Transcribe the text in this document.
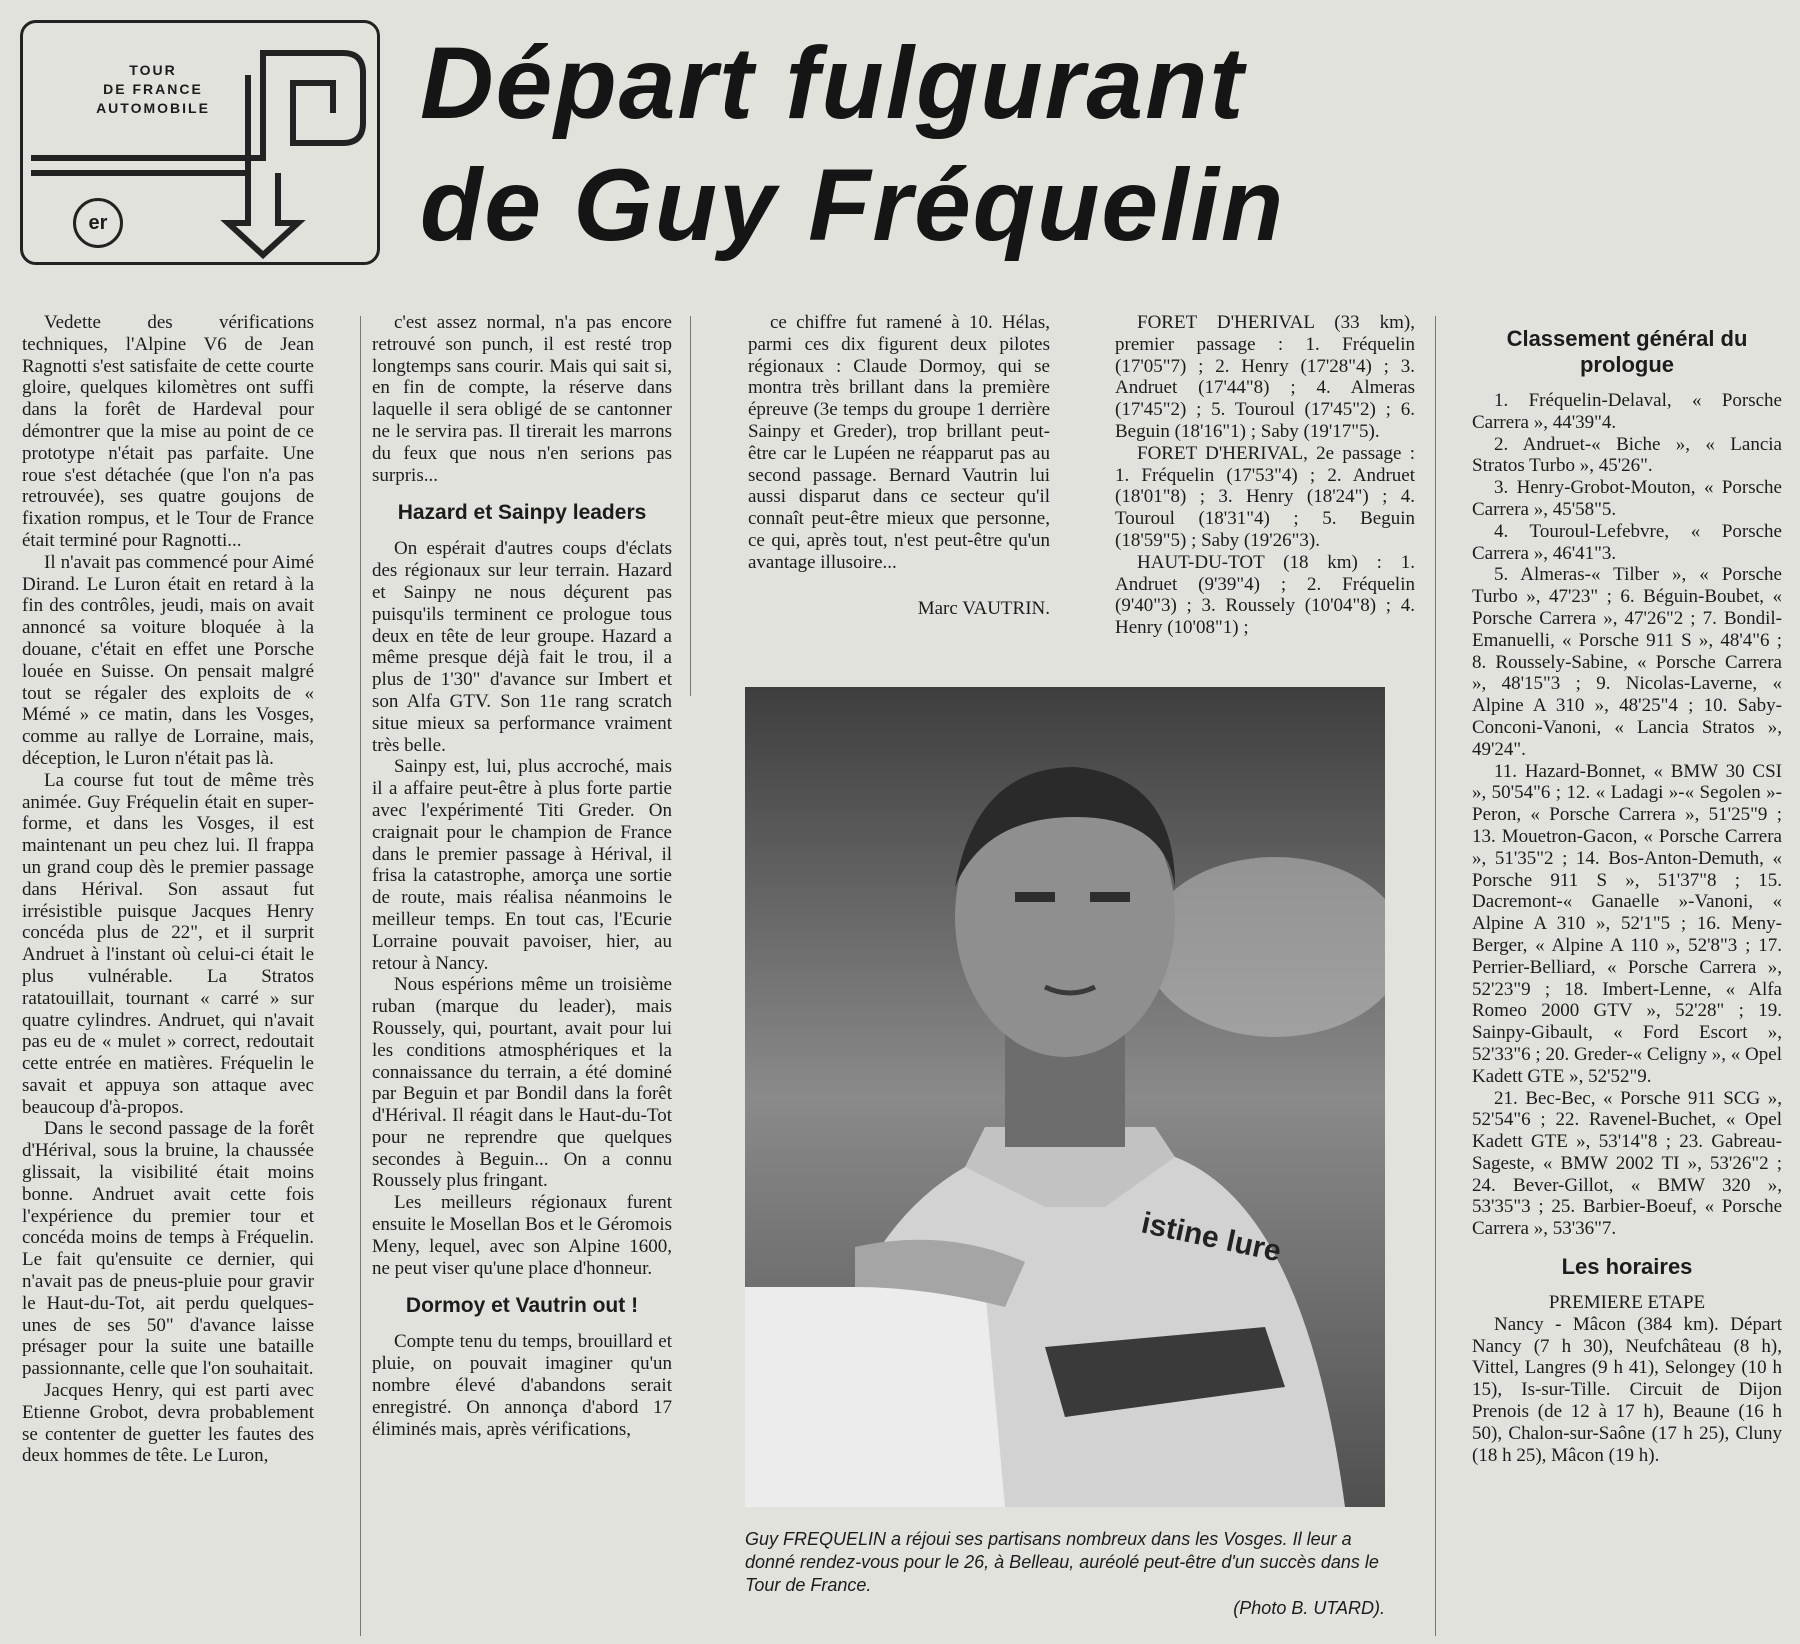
TOUR
DE FRANCE
AUTOMOBILE
er
Départ fulgurant
de Guy Fréquelin

Vedette des vérifications techniques, l'Alpine V6 de Jean Ragnotti s'est satisfaite de cette courte gloire, quelques kilomètres ont suffi dans la forêt de Hardeval pour démontrer que la mise au point de ce prototype n'était pas parfaite. Une roue s'est détachée (que l'on n'a pas retrouvée), ses quatre goujons de fixation rompus, et le Tour de France était terminé pour Ragnotti...

Il n'avait pas commencé pour Aimé Dirand. Le Luron était en retard à la fin des contrôles, jeudi, mais on avait annoncé sa voiture bloquée à la douane, c'était en effet une Porsche louée en Suisse. On pensait malgré tout se régaler des exploits de « Mémé » ce matin, dans les Vosges, comme au rallye de Lorraine, mais, déception, le Luron n'était pas là.

La course fut tout de même très animée. Guy Fréquelin était en super-forme, et dans les Vosges, il est maintenant un peu chez lui. Il frappa un grand coup dès le premier passage dans Hérival. Son assaut fut irrésistible puisque Jacques Henry concéda plus de 22", et il surprit Andruet à l'instant où celui-ci était le plus vulnérable. La Stratos ratatouillait, tournant « carré » sur quatre cylindres. Andruet, qui n'avait pas eu de « mulet » correct, redoutait cette entrée en matières. Fréquelin le savait et appuya son attaque avec beaucoup d'à-propos.

Dans le second passage de la forêt d'Hérival, sous la bruine, la chaussée glissait, la visibilité était moins bonne. Andruet avait cette fois l'expérience du premier tour et concéda moins de temps à Fréquelin. Le fait qu'ensuite ce dernier, qui n'avait pas de pneus-pluie pour gravir le Haut-du-Tot, ait perdu quelques-unes de ses 50" d'avance laisse présager pour la suite une bataille passionnante, celle que l'on souhaitait.

Jacques Henry, qui est parti avec Etienne Grobot, devra probablement se contenter de guetter les fautes des deux hommes de tête. Le Luron,

c'est assez normal, n'a pas encore retrouvé son punch, il est resté trop longtemps sans courir. Mais qui sait si, en fin de compte, la réserve dans laquelle il sera obligé de se cantonner ne le servira pas. Il tirerait les marrons du feux que nous n'en serions pas surpris...

Hazard et Sainpy leaders

On espérait d'autres coups d'éclats des régionaux sur leur terrain. Hazard et Sainpy ne nous déçurent pas puisqu'ils terminent ce prologue tous deux en tête de leur groupe. Hazard a même presque déjà fait le trou, il a plus de 1'30" d'avance sur Imbert et son Alfa GTV. Son 11e rang scratch situe mieux sa performance vraiment très belle.

Sainpy est, lui, plus accroché, mais il a affaire peut-être à plus forte partie avec l'expérimenté Titi Greder. On craignait pour le champion de France dans le premier passage à Hérival, il frisa la catastrophe, amorça une sortie de route, mais réalisa néanmoins le meilleur temps. En tout cas, l'Ecurie Lorraine pouvait pavoiser, hier, au retour à Nancy.

Nous espérions même un troisième ruban (marque du leader), mais Roussely, qui, pourtant, avait pour lui les conditions atmosphériques et la connaissance du terrain, a été dominé par Beguin et par Bondil dans la forêt d'Hérival. Il réagit dans le Haut-du-Tot pour ne reprendre que quelques secondes à Beguin... On a connu Roussely plus fringant.

Les meilleurs régionaux furent ensuite le Mosellan Bos et le Géromois Meny, lequel, avec son Alpine 1600, ne peut viser qu'une place d'honneur.

Dormoy et Vautrin out !

Compte tenu du temps, brouillard et pluie, on pouvait imaginer qu'un nombre élevé d'abandons serait enregistré. On annonça d'abord 17 éliminés mais, après vérifications,

ce chiffre fut ramené à 10. Hélas, parmi ces dix figurent deux pilotes régionaux : Claude Dormoy, qui se montra très brillant dans la première épreuve (3e temps du groupe 1 derrière Sainpy et Greder), trop brillant peut-être car le Lupéen ne réapparut pas au second passage. Bernard Vautrin lui aussi disparut dans ce secteur qu'il connaît peut-être mieux que personne, ce qui, après tout, n'est peut-être qu'un avantage illusoire...

Marc VAUTRIN.

FORET D'HERIVAL (33 km), premier passage : 1. Fréquelin (17'05"7) ; 2. Henry (17'28"4) ; 3. Andruet (17'44"8) ; 4. Almeras (17'45"2) ; 5. Touroul (17'45"2) ; 6. Beguin (18'16"1) ; Saby (19'17"5).

FORET D'HERIVAL, 2e passage : 1. Fréquelin (17'53"4) ; 2. Andruet (18'01"8) ; 3. Henry (18'24") ; 4. Touroul (18'31"4) ; 5. Beguin (18'59"5) ; Saby (19'26"3).

HAUT-DU-TOT (18 km) : 1. Andruet (9'39"4) ; 2. Fréquelin (9'40"3) ; 3. Roussely (10'04"8) ; 4. Henry (10'08"1) ;

istine lure
Guy FREQUELIN a réjoui ses partisans nombreux dans les Vosges. Il leur a donné rendez-vous pour le 26, à Belleau, auréolé peut-être d'un succès dans le Tour de France.
(Photo B. UTARD).
Classement général du prologue

1. Fréquelin-Delaval, « Porsche Carrera », 44'39"4.

2. Andruet-« Biche », « Lancia Stratos Turbo », 45'26".

3. Henry-Grobot-Mouton, « Porsche Carrera », 45'58"5.

4. Touroul-Lefebvre, « Porsche Carrera », 46'41"3.

5. Almeras-« Tilber », « Porsche Turbo », 47'23" ; 6. Béguin-Boubet, « Porsche Carrera », 47'26"2 ; 7. Bondil-Emanuelli, « Porsche 911 S », 48'4"6 ; 8. Roussely-Sabine, « Porsche Carrera », 48'15"3 ; 9. Nicolas-Laverne, « Alpine A 310 », 48'25"4 ; 10. Saby-Conconi-Vanoni, « Lancia Stratos », 49'24".

11. Hazard-Bonnet, « BMW 30 CSI », 50'54"6 ; 12. « Ladagi »-« Segolen »-Peron, « Porsche Carrera », 51'25"9 ; 13. Mouetron-Gacon, « Porsche Carrera », 51'35"2 ; 14. Bos-Anton-Demuth, « Porsche 911 S », 51'37"8 ; 15. Dacremont-« Ganaelle »-Vanoni, « Alpine A 310 », 52'1"5 ; 16. Meny-Berger, « Alpine A 110 », 52'8"3 ; 17. Perrier-Belliard, « Porsche Carrera », 52'23"9 ; 18. Imbert-Lenne, « Alfa Romeo 2000 GTV », 52'28" ; 19. Sainpy-Gibault, « Ford Escort », 52'33"6 ; 20. Greder-« Celigny », « Opel Kadett GTE », 52'52"9.

21. Bec-Bec, « Porsche 911 SCG », 52'54"6 ; 22. Ravenel-Buchet, « Opel Kadett GTE », 53'14"8 ; 23. Gabreau-Sageste, « BMW 2002 TI », 53'26"2 ; 24. Bever-Gillot, « BMW 320 », 53'35"3 ; 25. Barbier-Boeuf, « Porsche Carrera », 53'36"7.

Les horaires

PREMIERE ETAPE

Nancy - Mâcon (384 km). Départ Nancy (7 h 30), Neufchâteau (8 h), Vittel, Langres (9 h 41), Selongey (10 h 15), Is-sur-Tille. Circuit de Dijon Prenois (de 12 à 17 h), Beaune (16 h 50), Chalon-sur-Saône (17 h 25), Cluny (18 h 25), Mâcon (19 h).
